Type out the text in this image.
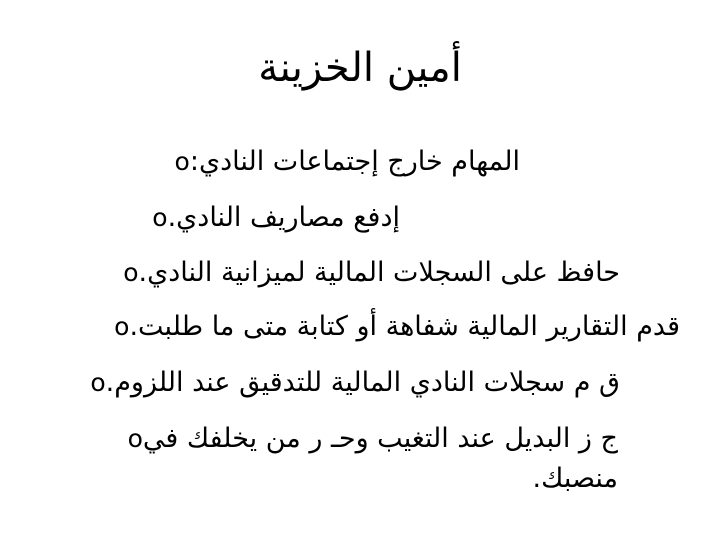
أمين الخزينة
المهام خارج إجتماعات النادي:o
إدفع مصاريف النادي.o
حافظ على السجلات المالية لميزانية النادي.o
قدم التقارير المالية شفاهة أو كتابة متى ما طلبت.o
ق م سجلات النادي المالية للتدقيق عند اللزوم.o
ج ز البديل عند التغيب وحـ ر من يخلفك فيo
منصبك.
